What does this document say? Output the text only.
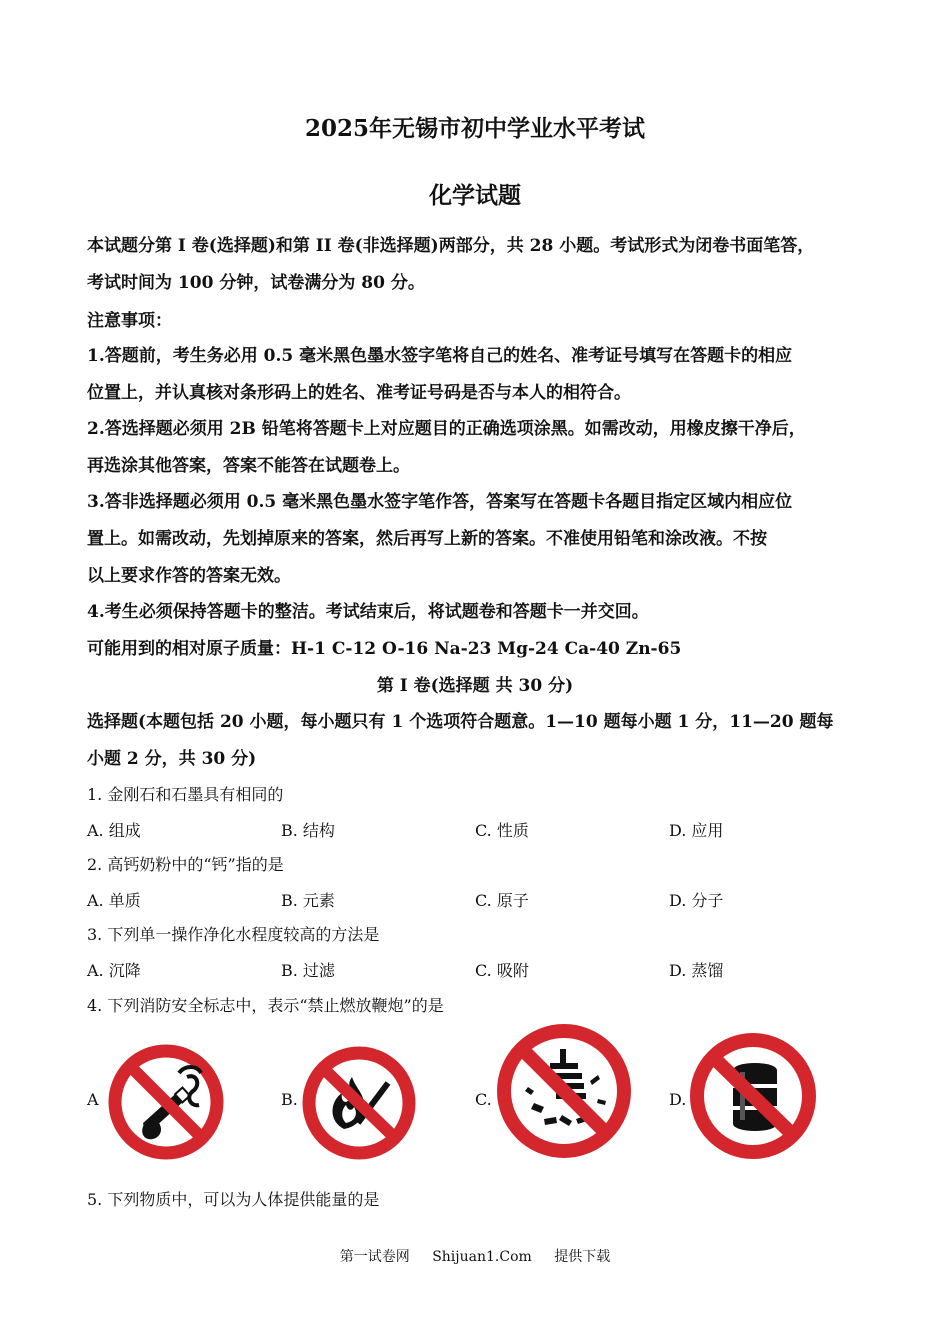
2025年无锡市初中学业水平考试
化学试题
本试题分第 I 卷(选择题)和第 II 卷(非选择题)两部分，共 28 小题。考试形式为闭卷书面笔答，
考试时间为 100 分钟，试卷满分为 80 分。
注意事项：
1.答题前，考生务必用 0.5 毫米黑色墨水签字笔将自己的姓名、准考证号填写在答题卡的相应
位置上，并认真核对条形码上的姓名、准考证号码是否与本人的相符合。
2.答选择题必须用 2B 铅笔将答题卡上对应题目的正确选项涂黑。如需改动，用橡皮擦干净后，
再选涂其他答案，答案不能答在试题卷上。
3.答非选择题必须用 0.5 毫米黑色墨水签字笔作答，答案写在答题卡各题目指定区域内相应位
置上。如需改动，先划掉原来的答案，然后再写上新的答案。不准使用铅笔和涂改液。不按
以上要求作答的答案无效。
4.考生必须保持答题卡的整洁。考试结束后，将试题卷和答题卡一并交回。
可能用到的相对原子质量：H-1 C-12 O-16 Na-23 Mg-24 Ca-40 Zn-65
第 I 卷(选择题 共 30 分)
选择题(本题包括 20 小题，每小题只有 1 个选项符合题意。1—10 题每小题 1 分，11—20 题每
小题 2 分，共 30 分)
1. 金刚石和石墨具有相同的
A. 组成	B. 结构	C. 性质	D. 应用
2. 高钙奶粉中的“钙”指的是
A. 单质	B. 元素	C. 原子	D. 分子
3. 下列单一操作净化水程度较高的方法是
A. 沉降	B. 过滤	C. 吸附	D. 蒸馏
4. 下列消防安全标志中，表示“禁止燃放鞭炮”的是
A	B.	C.	D.
5. 下列物质中，可以为人体提供能量的是
第一试卷网 Shijuan1.Com 提供下载
